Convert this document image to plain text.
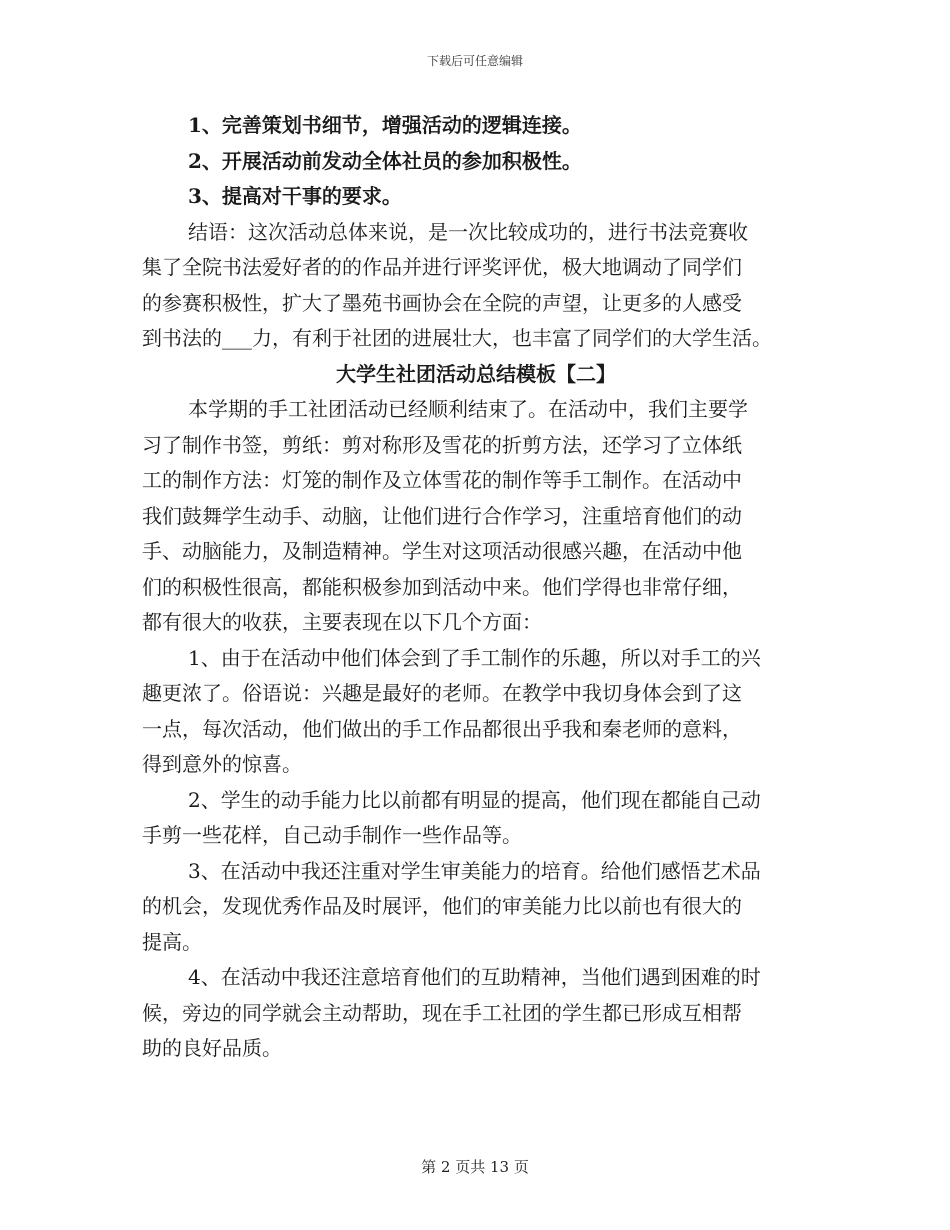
下载后可任意编辑
1、完善策划书细节，增强活动的逻辑连接。
2、开展活动前发动全体社员的参加积极性。
3、提高对干事的要求。
结语：这次活动总体来说，是一次比较成功的，进行书法竞赛收
集了全院书法爱好者的的作品并进行评奖评优，极大地调动了同学们
的参赛积极性，扩大了墨苑书画协会在全院的声望，让更多的人感受
到书法的___力，有利于社团的进展壮大，也丰富了同学们的大学生活。
大学生社团活动总结模板【二】
本学期的手工社团活动已经顺利结束了。在活动中，我们主要学
习了制作书签，剪纸：剪对称形及雪花的折剪方法，还学习了立体纸
工的制作方法：灯笼的制作及立体雪花的制作等手工制作。在活动中
我们鼓舞学生动手、动脑，让他们进行合作学习，注重培育他们的动
手、动脑能力，及制造精神。学生对这项活动很感兴趣，在活动中他
们的积极性很高，都能积极参加到活动中来。他们学得也非常仔细，
都有很大的收获，主要表现在以下几个方面：
1、由于在活动中他们体会到了手工制作的乐趣，所以对手工的兴
趣更浓了。俗语说：兴趣是最好的老师。在教学中我切身体会到了这
一点，每次活动，他们做出的手工作品都很出乎我和秦老师的意料，
得到意外的惊喜。
2、学生的动手能力比以前都有明显的提高，他们现在都能自己动
手剪一些花样，自己动手制作一些作品等。
3、在活动中我还注重对学生审美能力的培育。给他们感悟艺术品
的机会，发现优秀作品及时展评，他们的审美能力比以前也有很大的
提高。
4、在活动中我还注意培育他们的互助精神，当他们遇到困难的时
候，旁边的同学就会主动帮助，现在手工社团的学生都已形成互相帮
助的良好品质。
第 2 页共 13 页
